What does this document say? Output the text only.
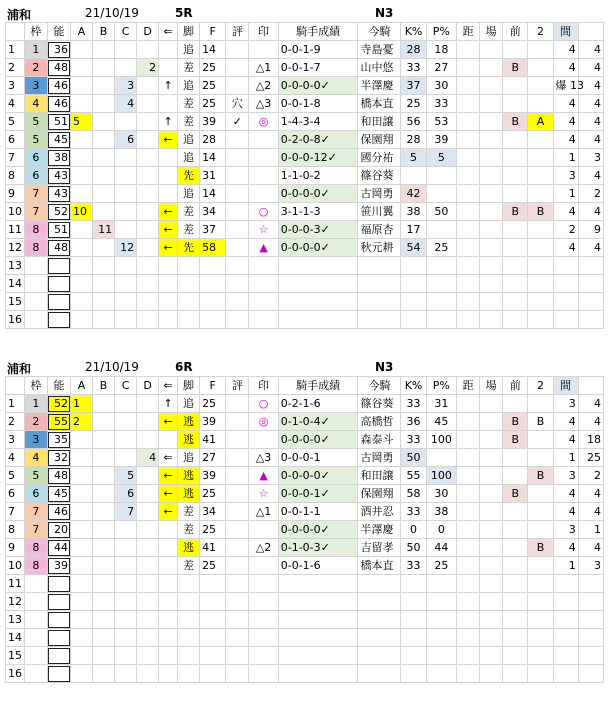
浦和	21/10/19	5R	N3
	枠	能	A	B	C	D	⇐	脚	F	評	印	騎手成績	今騎	K%	P%	距	場	前	2	間	
1	1	36						追	14			0-0-1-9	寺島憂	28	18					4	4
2	2	48				2		差	25		△1	0-0-1-7	山中悠	33	27			B		4	4
3	3	46			3		↑	追	25		△2	0-0-0-0✓	半澤慶	37	30					爆 13	4
4	4	46			4			差	25	穴	△3	0-0-1-8	橋本直	25	33					4	4
5	5	51	5				↑	差	39	✓	◎	1-4-3-4	和田譲	56	53			B	A	4	4
6	5	45			6		←	追	28			0-2-0-8✓	保園翔	28	39					4	4
7	6	38						追	14			0-0-0-12✓	國分祐	5	5					1	3
8	6	43						先	31			1-1-0-2	篠谷葵							3	4
9	7	43						追	14			0-0-0-0✓	古岡勇	42						1	2
10	7	52	10				←	差	34		○	3-1-1-3	笹川翼	38	50			B	B	4	4
11	8	51		11			←	差	37		☆	0-0-0-3✓	福原杏	17						2	9
12	8	48			12		←	先	58		▲	0-0-0-0✓	秋元耕	54	25					4	4
13																					
14																					
15																					
16																					
浦和	21/10/19	6R	N3
	枠	能	A	B	C	D	⇐	脚	F	評	印	騎手成績	今騎	K%	P%	距	場	前	2	間	
1	1	52	1				↑	追	25		○	0-2-1-6	篠谷葵	33	31					3	4
2	2	55	2				←	逃	39		◎	0-1-0-4✓	高橋哲	36	45			B	B	4	4
3	3	35						逃	41			0-0-0-0✓	森泰斗	33	100			B		4	18
4	4	32				4	⇐	追	27		△3	0-0-0-1	古岡勇	50						1	25
5	5	48			5		←	逃	39		▲	0-0-0-0✓	和田譲	55	100				B	3	2
6	6	45			6		←	逃	25		☆	0-0-0-1✓	保園翔	58	30			B		4	4
7	7	46			7		←	差	34		△1	0-0-1-1	酒井忍	33	38					4	4
8	7	20						差	25			0-0-0-0✓	半澤慶	0	0					3	1
9	8	44						逃	41		△2	0-1-0-3✓	吉留孝	50	44				B	4	4
10	8	39						差	25			0-0-1-6	橋本直	33	25					1	3
11																					
12																					
13																					
14																					
15																					
16																					
